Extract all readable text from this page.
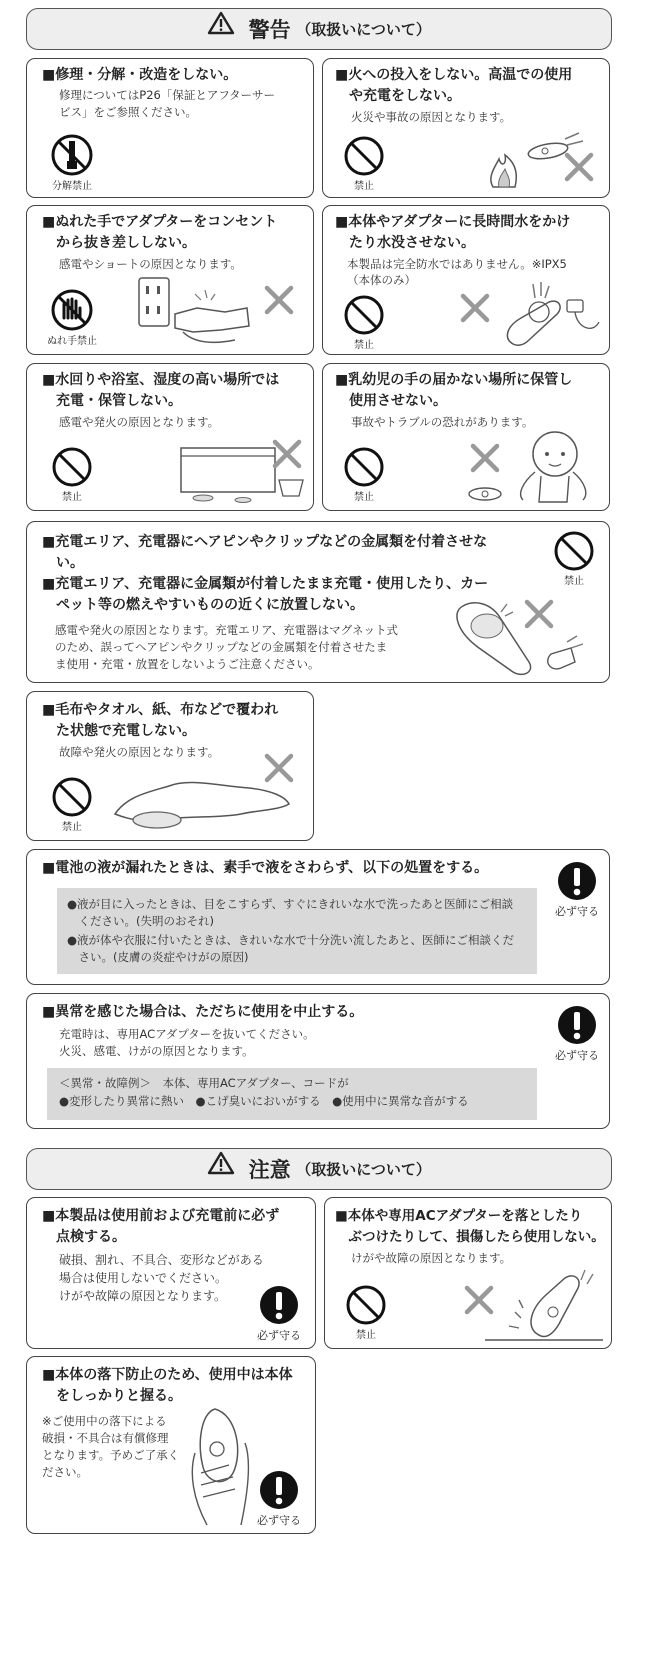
警告 （取扱いについて）
■修理・分解・改造をしない。
修理についてはP26「保証とアフターサー
ビス」をご参照ください。
分解禁止
■火への投入をしない。高温での使用
　や充電をしない。
火災や事故の原因となります。
禁止
■ぬれた手でアダプターをコンセント
　から抜き差ししない。
感電やショートの原因となります。
ぬれ手禁止
■本体やアダプターに長時間水をかけ
　たり水没させない。
本製品は完全防水ではありません。※IPX5
（本体のみ）
禁止
■水回りや浴室、湿度の高い場所では
　充電・保管しない。
感電や発火の原因となります。
禁止
■乳幼児の手の届かない場所に保管し
　使用させない。
事故やトラブルの恐れがあります。
禁止
■充電エリア、充電器にヘアピンやクリップなどの金属類を付着させな
　い。
■充電エリア、充電器に金属類が付着したまま充電・使用したり、カー
　ペット等の燃えやすいものの近くに放置しない。
感電や発火の原因となります。充電エリア、充電器はマグネット式
のため、誤ってヘアピンやクリップなどの金属類を付着させたま
ま使用・充電・放置をしないようご注意ください。
禁止
■毛布やタオル、紙、布などで覆われ
　た状態で充電しない。
故障や発火の原因となります。
禁止
■電池の液が漏れたときは、素手で液をさわらず、以下の処置をする。
●液が目に入ったときは、目をこすらず、すぐにきれいな水で洗ったあと医師にご相談
　ください。(失明のおそれ)
●液が体や衣服に付いたときは、きれいな水で十分洗い流したあと、医師にご相談くだ
　さい。(皮膚の炎症やけがの原因)
必ず守る
■異常を感じた場合は、ただちに使用を中止する。
充電時は、専用ACアダプターを抜いてください。
火災、感電、けがの原因となります。
＜異常・故障例＞　本体、専用ACアダプター、コードが
●変形したり異常に熱い　●こげ臭いにおいがする　●使用中に異常な音がする
必ず守る
注意 （取扱いについて）
■本製品は使用前および充電前に必ず
　点検する。
破損、割れ、不具合、変形などがある
場合は使用しないでください。
けがや故障の原因となります。
必ず守る
■本体や専用ACアダプターを落としたり
　ぶつけたりして、損傷したら使用しない。
けがや故障の原因となります。
禁止
■本体の落下防止のため、使用中は本体
　をしっかりと握る。
※ご使用中の落下による
破損・不具合は有償修理
となります。予めご了承く
ださい。
必ず守る
